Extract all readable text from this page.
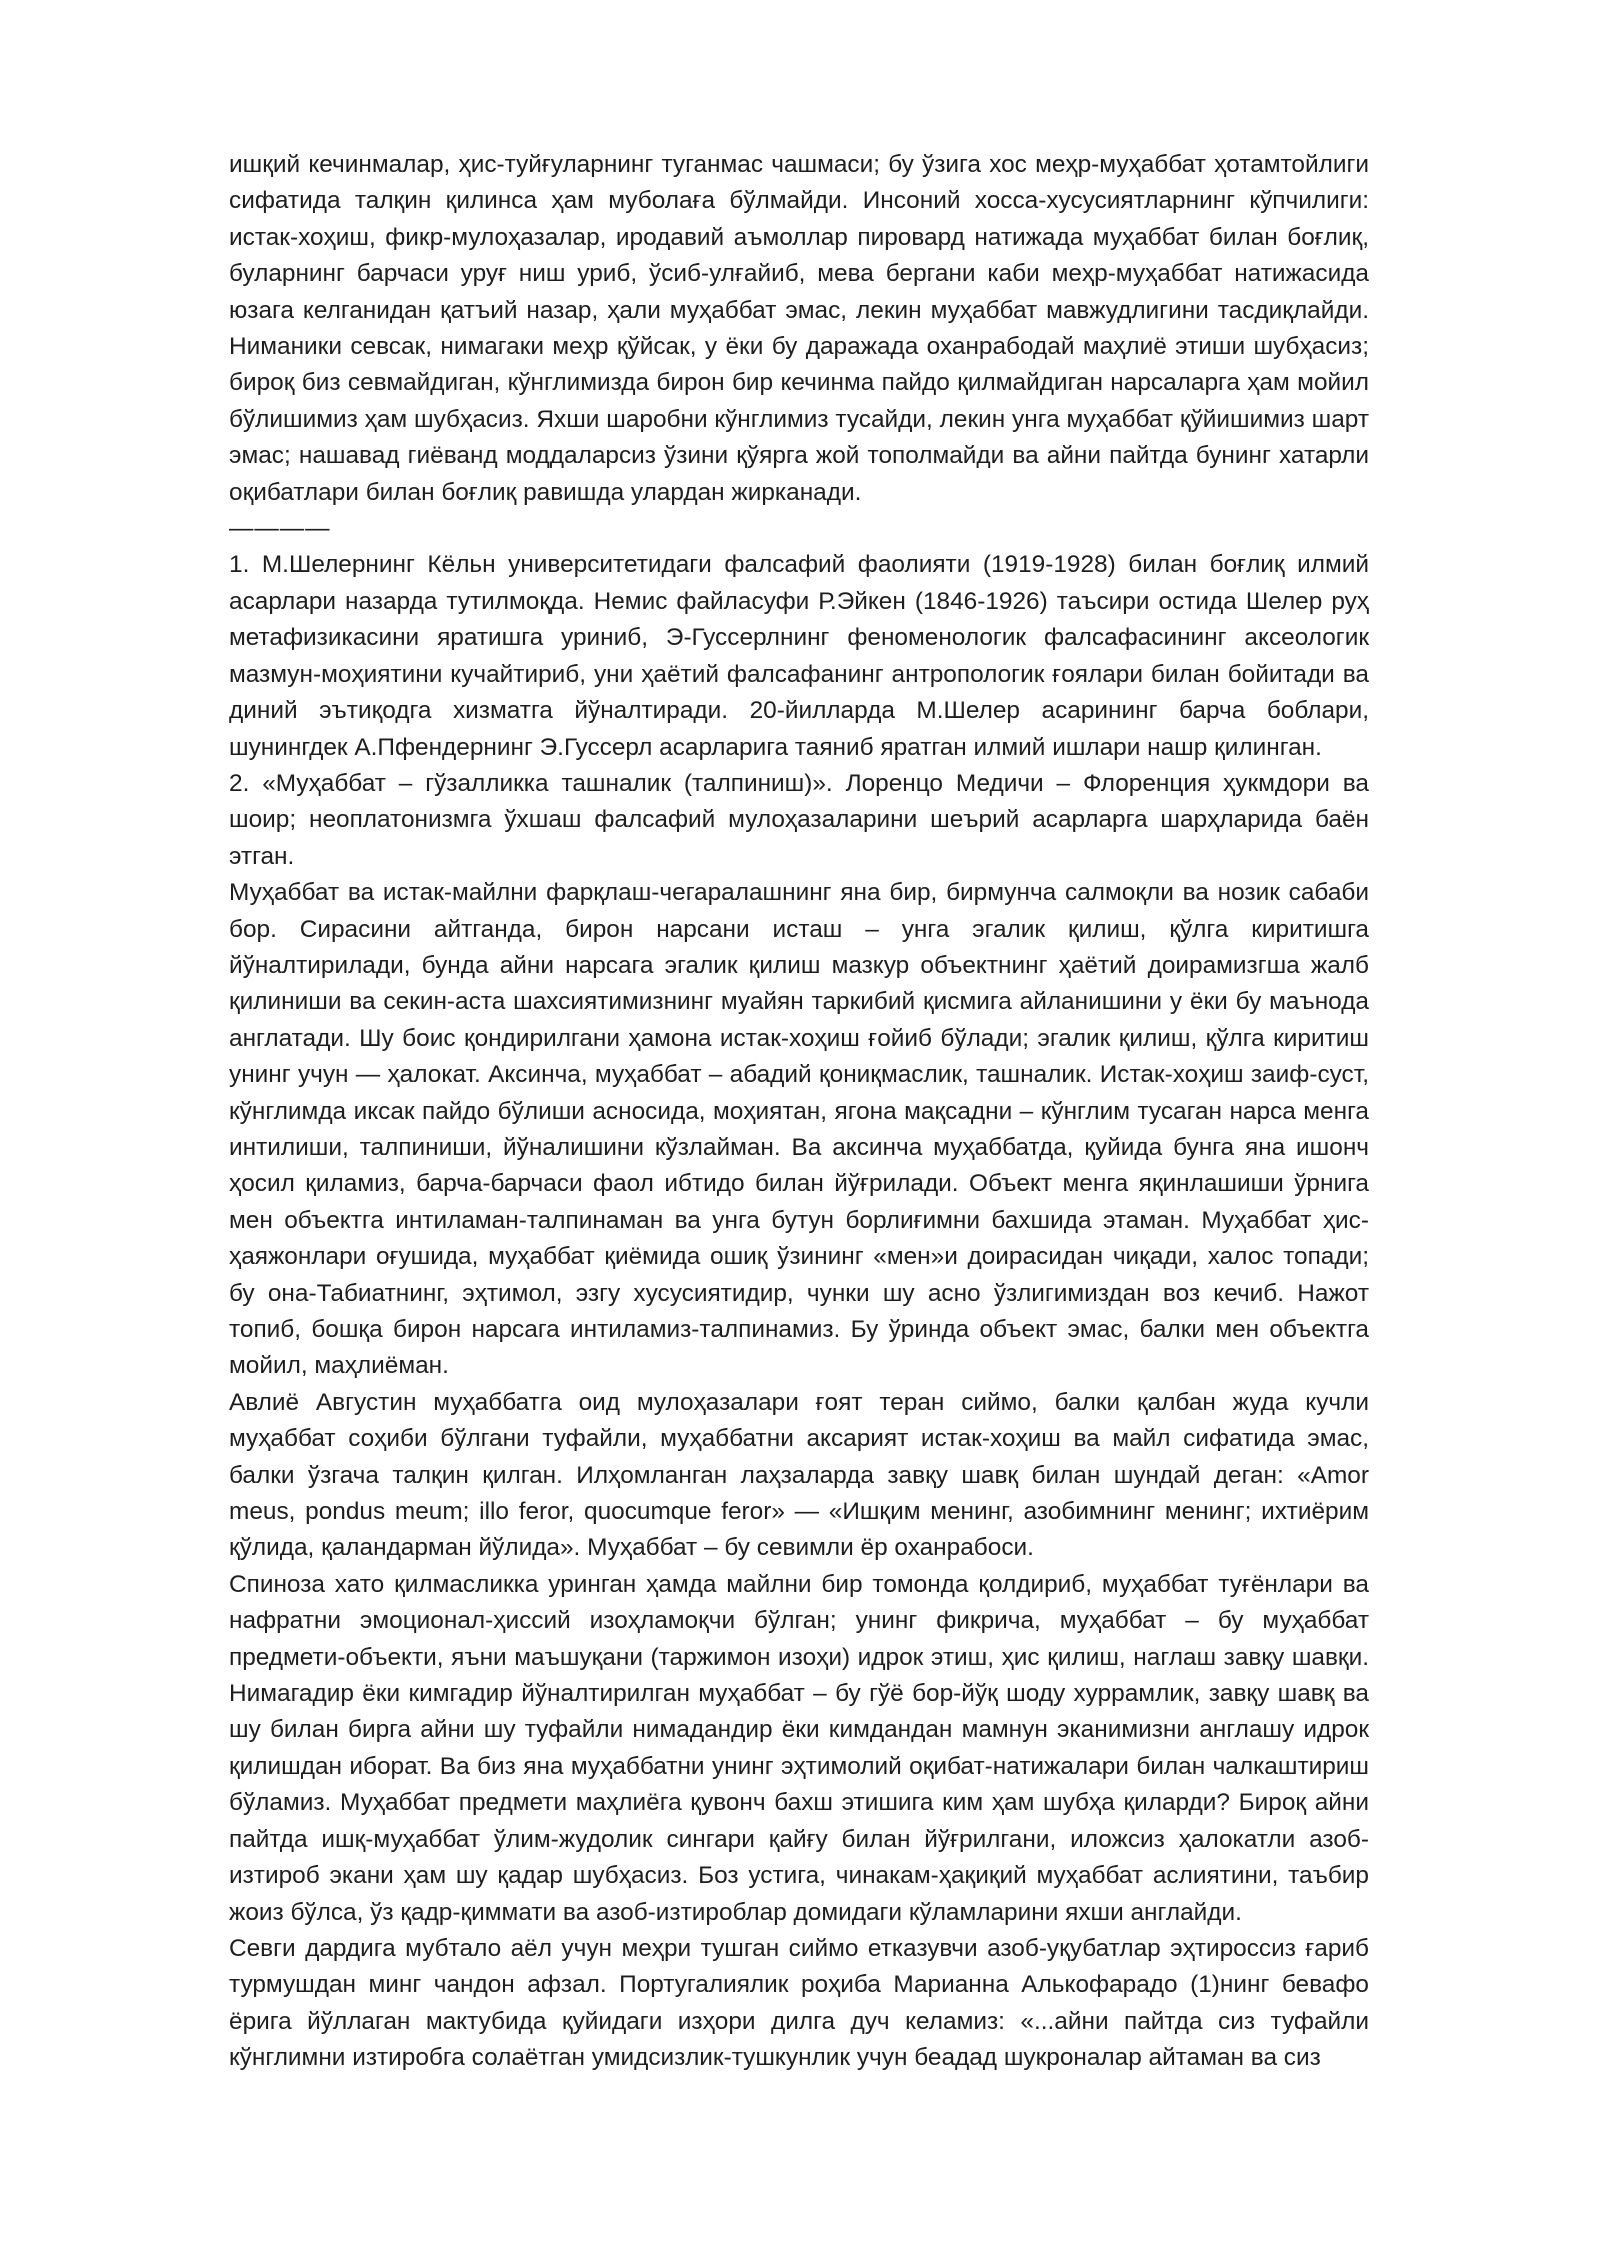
ишқий кечинмалар, ҳис-туйғуларнинг туганмас чашмаси; бу ўзига хос меҳр-муҳаббат ҳотамтойлиги сифатида талқин қилинса ҳам муболаға бўлмайди. Инсоний хосса-хусусиятларнинг кўпчилиги: истак-хоҳиш, фикр-мулоҳазалар, иродавий аъмоллар пировард натижада муҳаббат билан боғлиқ, буларнинг барчаси уруғ ниш уриб, ўсиб-улғайиб, мева бергани каби меҳр-муҳаббат натижасида юзага келганидан қатъий назар, ҳали муҳаббат эмас, лекин муҳаббат мавжудлигини тасдиқлайди. Ниманики севсак, нимагаки меҳр қўйсак, у ёки бу даражада оханрабодай маҳлиё этиши шубҳасиз; бироқ биз севмайдиган, кўнглимизда бирон бир кечинма пайдо қилмайдиган нарсаларга ҳам мойил бўлишимиз ҳам шубҳасиз. Яхши шаробни кўнглимиз тусайди, лекин унга муҳаббат қўйишимиз шарт эмас; нашавад гиёванд моддаларсиз ўзини қўярга жой тополмайди ва айни пайтда бунинг хатарли оқибатлари билан боғлиқ равишда улардан жирканади.

————

1. М.Шелернинг Кёльн университетидаги фалсафий фаолияти (1919-1928) билан боғлиқ илмий асарлари назарда тутилмоқда. Немис файласуфи Р.Эйкен (1846-1926) таъсири остида Шелер руҳ метафизикасини яратишга уриниб, Э-Гуссерлнинг феноменологик фалсафасининг аксеологик мазмун-моҳиятини кучайтириб, уни ҳаётий фалсафанинг антропологик ғоялари билан бойитади ва диний эътиқодга хизматга йўналтиради. 20-йилларда М.Шелер асарининг барча боблари, шунингдек А.Пфендернинг Э.Гуссерл асарларига таяниб яратган илмий ишлари нашр қилинган.

2. «Муҳаббат – гўзалликка ташналик (талпиниш)». Лоренцо Медичи – Флоренция ҳукмдори ва шоир; неоплатонизмга ўхшаш фалсафий мулоҳазаларини шеърий асарларга шарҳларида баён этган.

Муҳаббат ва истак-майлни фарқлаш-чегаралашнинг яна бир, бирмунча салмоқли ва нозик сабаби бор. Сирасини айтганда, бирон нарсани исташ – унга эгалик қилиш, қўлга киритишга йўналтирилади, бунда айни нарсага эгалик қилиш мазкур объектнинг ҳаётий доирамизгша жалб қилиниши ва секин-аста шахсиятимизнинг муайян таркибий қисмига айланишини у ёки бу маънода англатади. Шу боис қондирилгани ҳамона истак-хоҳиш ғойиб бўлади; эгалик қилиш, қўлга киритиш унинг учун — ҳалокат. Аксинча, муҳаббат – абадий қониқмаслик, ташналик. Истак-хоҳиш заиф-суст, кўнглимда иксак пайдо бўлиши асносида, моҳиятан, ягона мақсадни – кўнглим тусаган нарса менга интилиши, талпиниши, йўналишини кўзлайман. Ва аксинча муҳаббатда, қуйида бунга яна ишонч ҳосил қиламиз, барча-барчаси фаол ибтидо билан йўғрилади. Объект менга яқинлашиши ўрнига мен объектга интиламан-талпинаман ва унга бутун борлиғимни бахшида этаман. Муҳаббат ҳис-ҳаяжонлари оғушида, муҳаббат қиёмида ошиқ ўзининг «мен»и доирасидан чиқади, халос топади; бу она-Табиатнинг, эҳтимол, эзгу хусусиятидир, чунки шу асно ўзлигимиздан воз кечиб. Нажот топиб, бошқа бирон нарсага интиламиз-талпинамиз. Бу ўринда объект эмас, балки мен объектга мойил, маҳлиёман.

Авлиё Августин муҳаббатга оид мулоҳазалари ғоят теран сиймо, балки қалбан жуда кучли муҳаббат соҳиби бўлгани туфайли, муҳаббатни аксарият истак-хоҳиш ва майл сифатида эмас, балки ўзгача талқин қилган. Илҳомланган лаҳзаларда завқу шавқ билан шундай деган: «Amor meus, pondus meum; illo feror, quocumque feror» — «Ишқим менинг, азобимнинг менинг; ихтиёрим қўлида, қаландарман йўлида». Муҳаббат – бу севимли ёр оханрабоси.

Спиноза хато қилмасликка уринган ҳамда майлни бир томонда қолдириб, муҳаббат туғёнлари ва нафратни эмоционал-ҳиссий изоҳламоқчи бўлган; унинг фикрича, муҳаббат – бу муҳаббат предмети-объекти, яъни маъшуқани (таржимон изоҳи) идрок этиш, ҳис қилиш, наглаш завқу шавқи. Нимагадир ёки кимгадир йўналтирилган муҳаббат – бу гўё бор-йўқ шоду хуррамлик, завқу шавқ ва шу билан бирга айни шу туфайли нимадандир ёки кимдандан мамнун эканимизни англашу идрок қилишдан иборат. Ва биз яна муҳаббатни унинг эҳтимолий оқибат-натижалари билан чалкаштириш бўламиз. Муҳаббат предмети маҳлиёга қувонч бахш этишига ким ҳам шубҳа қиларди? Бироқ айни пайтда ишқ-муҳаббат ўлим-жудолик сингари қайғу билан йўғрилгани, иложсиз ҳалокатли азоб-изтироб экани ҳам шу қадар шубҳасиз. Боз устига, чинакам-ҳақиқий муҳаббат аслиятини, таъбир жоиз бўлса, ўз қадр-қиммати ва азоб-изтироблар домидаги кўламларини яхши англайди.

Севги дардига мубтало аёл учун меҳри тушган сиймо етказувчи азоб-уқубатлар эҳтироссиз ғариб турмушдан минг чандон афзал. Португалиялик роҳиба Марианна Алькофарадо (1)нинг бевафо ёрига йўллаган мактубида қуйидаги изҳори дилга дуч келамиз: «...айни пайтда сиз туфайли кўнглимни изтиробга солаётган умидсизлик-тушкунлик учун беадад шукроналар айтаман ва сиз
